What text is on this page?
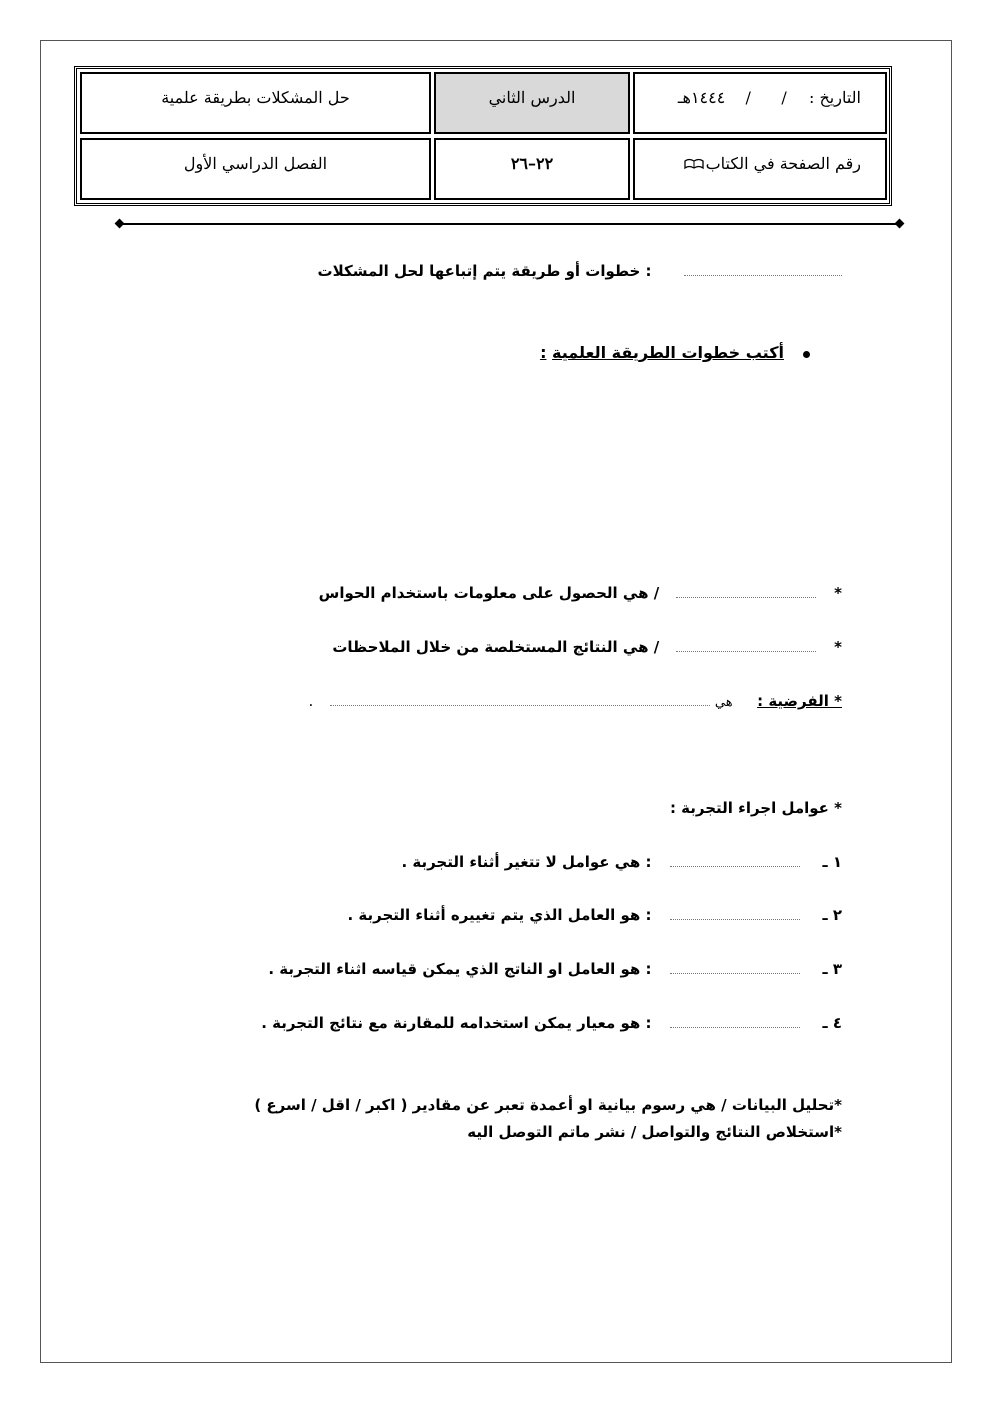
التاريخ :  /      /  ١٤٤٤هـ
الدرس الثاني
حل المشكلات بطريقة علمية
رقم الصفحة في الكتاب
٢٢–٢٦
الفصل الدراسي الأول
: خطوات أو طريقة يتم إتباعها لحل المشكلات
أكتب خطوات الطريقة العلمية :
*    / هي الحصول على معلومات باستخدام الحواس
*    / هي النتائج المستخلصة من خلال الملاحظات
* الفرضية :  هي   .
* عوامل اجراء التجربة :
١ ـ    : هي عوامل لا تتغير أثناء التجربة .
٢ ـ    : هو العامل الذي يتم تغييره أثناء التجربة .
٣ ـ    : هو العامل او الناتج الذي يمكن قياسه اثناء التجربة .
٤ ـ    : هو معيار يمكن استخدامه للمقارنة مع نتائج التجربة .
*تحليل البيانات / هي رسوم بيانية او أعمدة تعبر عن مقادير ( اكبر / اقل / اسرع )
*استخلاص النتائج والتواصل / نشر ماتم التوصل اليه
